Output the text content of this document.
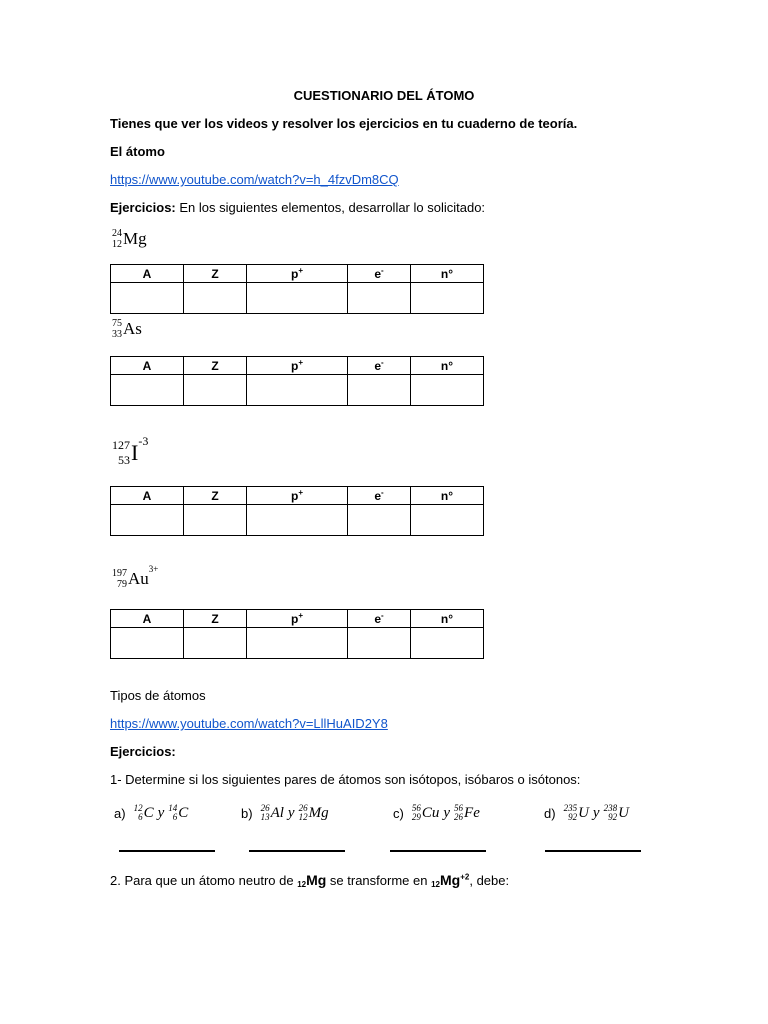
CUESTIONARIO DEL ÁTOMO
Tienes que ver los videos y resolver los ejercicios en tu cuaderno de teoría.
El átomo
https://www.youtube.com/watch?v=h_4fzvDm8CQ
Ejercicios: En los siguientes elementos, desarrollar lo solicitado:
24
12Mg
A	Z	p+	e-	n°

75
33As
A	Z	p+	e-	n°

127
$53I^{-3}$
A	Z	p+	e-	n°

197
$79Au^{3+}$
A	Z	p+	e-	n°

Tipos de átomos
https://www.youtube.com/watch?v=LllHuAID2Y8
Ejercicios:
1- Determine si los siguientes pares de átomos son isótopos, isóbaros o isótonos:
a) 12
6 C y 14
6 C	b) 26
13 Al y 26
12 Mg	c) 56
29 Cu y 56
26 Fe	d) 235
92 U y 238
92 U
2. Para que un átomo neutro de $_{12}$Mg se transforme en $_{12}Mg^{+2}$, debe:
